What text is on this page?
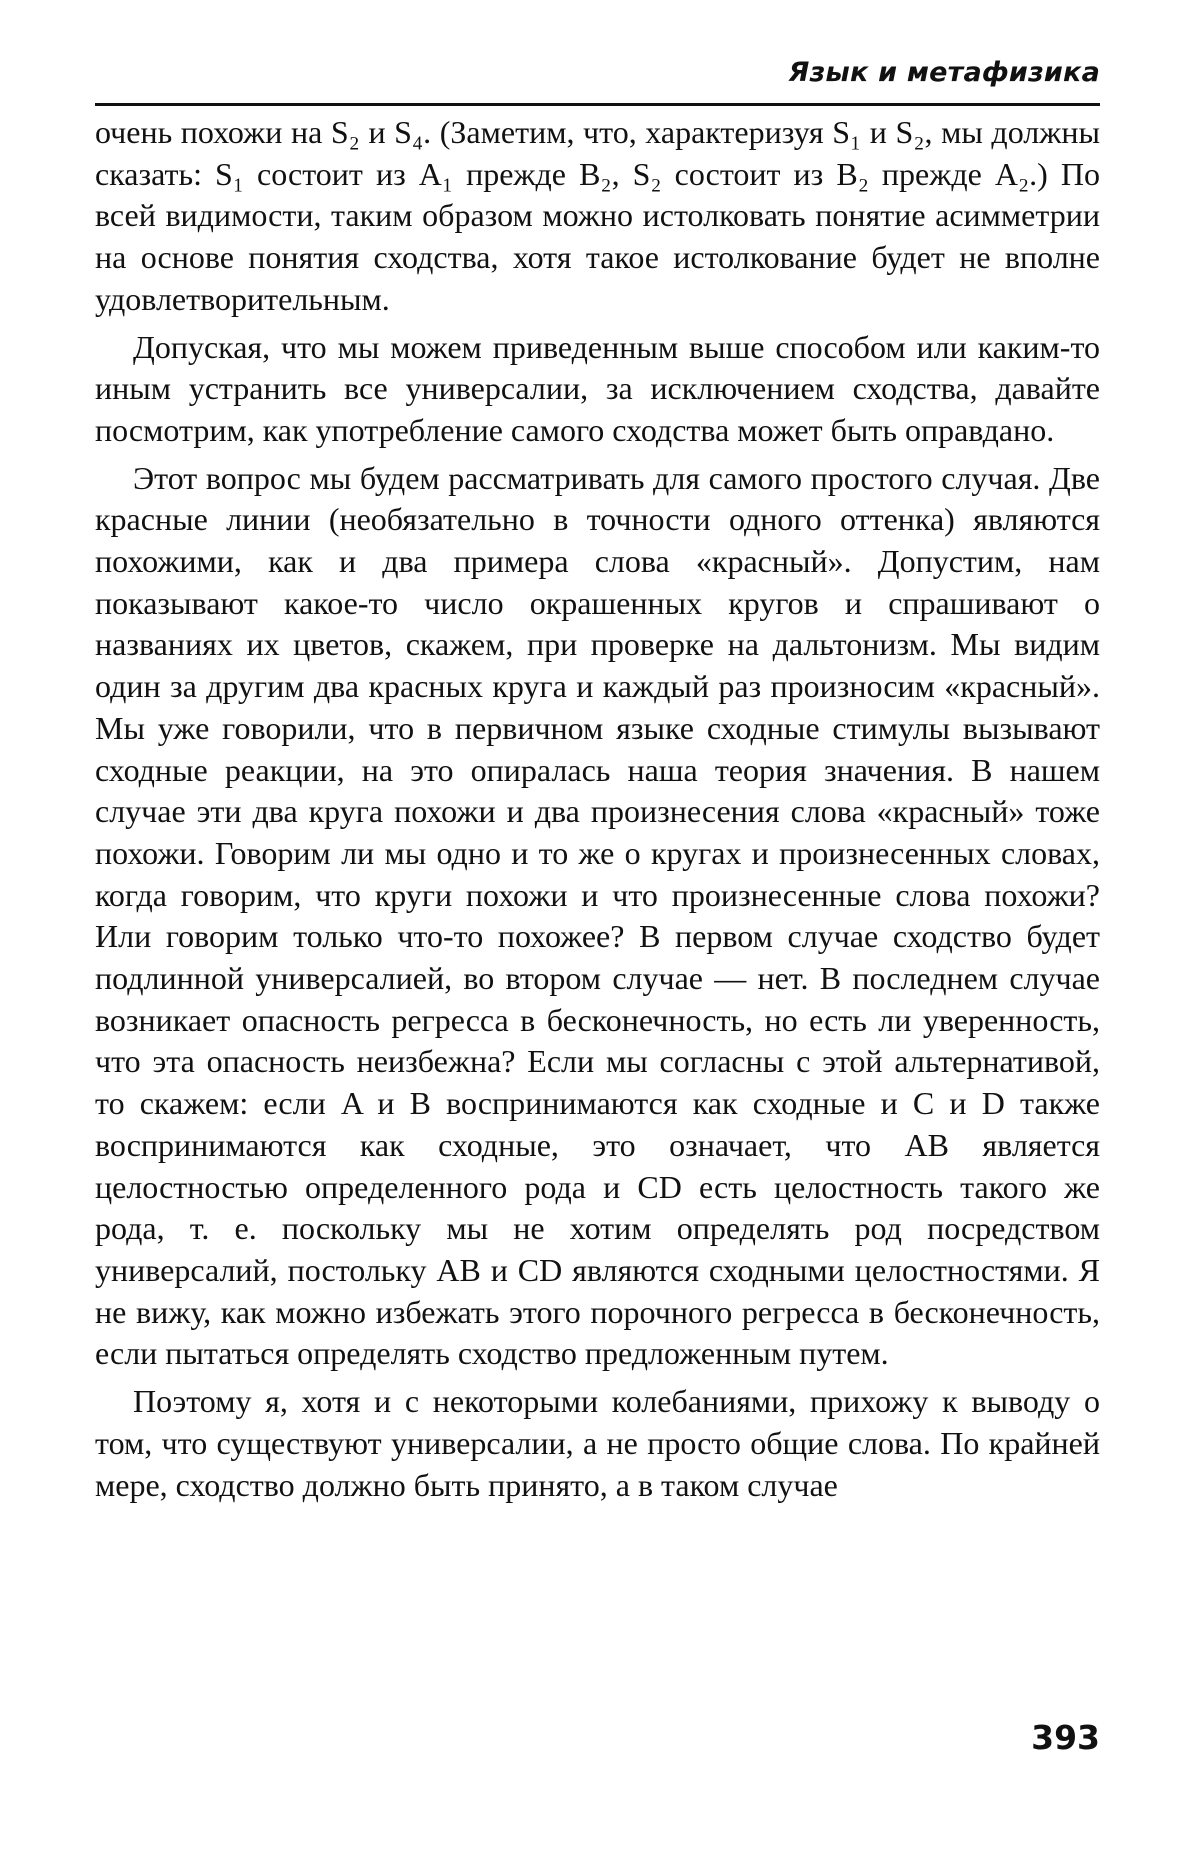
Язык и метафизика

очень похожи на S₂ и S₄. (Заметим, что, характеризуя S₁ и S₂, мы должны сказать: S₁ состоит из A₁ прежде B₂, S₂ состоит из B₂ прежде A₂.) По всей видимости, таким образом можно истолковать понятие асимметрии на основе понятия сходства, хотя такое истолкование будет не вполне удовлетворительным.

Допуская, что мы можем приведенным выше способом или каким-то иным устранить все универсалии, за исключением сходства, давайте посмотрим, как употребление самого сходства может быть оправдано.

Этот вопрос мы будем рассматривать для самого простого случая. Две красные линии (необязательно в точности одного оттенка) являются похожими, как и два примера слова «красный». Допустим, нам показывают какое-то число окрашенных кругов и спрашивают о названиях их цветов, скажем, при проверке на дальтонизм. Мы видим один за другим два красных круга и каждый раз произносим «красный». Мы уже говорили, что в первичном языке сходные стимулы вызывают сходные реакции, на это опиралась наша теория значения. В нашем случае эти два круга похожи и два произнесения слова «красный» тоже похожи. Говорим ли мы одно и то же о кругах и произнесенных словах, когда говорим, что круги похожи и что произнесенные слова похожи? Или говорим только что-то похожее? В первом случае сходство будет подлинной универсалией, во втором случае — нет. В последнем случае возникает опасность регресса в бесконечность, но есть ли уверенность, что эта опасность неизбежна? Если мы согласны с этой альтернативой, то скажем: если A и B воспринимаются как сходные и C и D также воспринимаются как сходные, это означает, что AB является целостностью определенного рода и CD есть целостность такого же рода, т. е. поскольку мы не хотим определять род посредством универсалий, постольку AB и CD являются сходными целостностями. Я не вижу, как можно избежать этого порочного регресса в бесконечность, если пытаться определять сходство предложенным путем.

Поэтому я, хотя и с некоторыми колебаниями, прихожу к выводу о том, что существуют универсалии, а не просто общие слова. По крайней мере, сходство должно быть принято, а в таком случае

393
